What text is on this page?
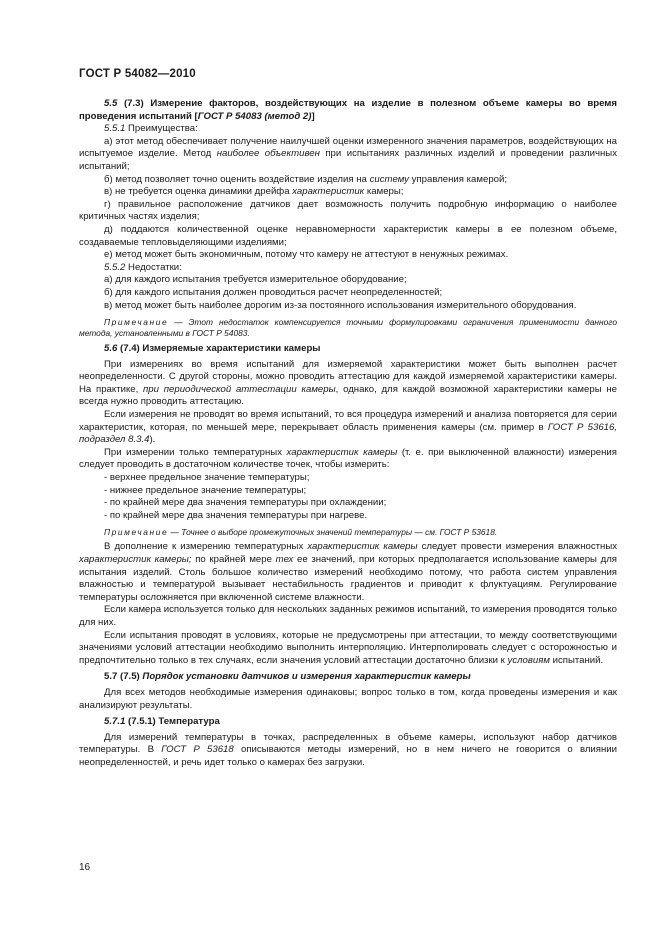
ГОСТ Р 54082—2010

5.5 (7.3) Измерение факторов, воздействующих на изделие в полезном объеме камеры во время проведения испытаний [ГОСТ Р 54083 (метод 2)]

5.5.1 Преимущества:

а) этот метод обеспечивает получение наилучшей оценки измеренного значения параметров, воздействующих на испытуемое изделие. Метод наиболее объективен при испытаниях различных изделий и проведении различных испытаний;

б) метод позволяет точно оценить воздействие изделия на систему управления камерой;

в) не требуется оценка динамики дрейфа характеристик камеры;

г) правильное расположение датчиков дает возможность получить подробную информацию о наиболее критичных частях изделия;

д) поддаются количественной оценке неравномерности характеристик камеры в ее полезном объеме, создаваемые тепловыделяющими изделиями;

е) метод может быть экономичным, потому что камеру не аттестуют в ненужных режимах.

5.5.2 Недостатки:

а) для каждого испытания требуется измерительное оборудование;

б) для каждого испытания должен проводиться расчет неопределенностей;

в) метод может быть наиболее дорогим из-за постоянного использования измерительного оборудования.

Примечание — Этот недостаток компенсируется точными формулировками ограничения применимости данного метода, установленными в ГОСТ Р 54083.

5.6 (7.4) Измеряемые характеристики камеры

При измерениях во время испытаний для измеряемой характеристики может быть выполнен расчет неопределенности. С другой стороны, можно проводить аттестацию для каждой измеряемой характеристики камеры. На практике, при периодической аттестации камеры, однако, для каждой возможной характеристики камеры не всегда нужно проводить аттестацию.

Если измерения не проводят во время испытаний, то вся процедура измерений и анализа повторяется для серии характеристик, которая, по меньшей мере, перекрывает область применения камеры (см. пример в ГОСТ Р 53616, подраздел 8.3.4).

При измерении только температурных характеристик камеры (т. е. при выключенной влажности) измерения следует проводить в достаточном количестве точек, чтобы измерить:

- верхнее предельное значение температуры;

- нижнее предельное значение температуры;

- по крайней мере два значения температуры при охлаждении;

- по крайней мере два значения температуры при нагреве.

Примечание — Точнее о выборе промежуточных значений температуры — см. ГОСТ Р 53618.

В дополнение к измерению температурных характеристик камеры следует провести измерения влажностных характеристик камеры; по крайней мере тех ее значений, при которых предполагается использование камеры для испытания изделий. Столь большое количество измерений необходимо потому, что работа систем управления влажностью и температурой вызывает нестабильность градиентов и приводит к флуктуациям. Регулирование температуры осложняется при включенной системе влажности.

Если камера используется только для нескольких заданных режимов испытаний, то измерения проводятся только для них.

Если испытания проводят в условиях, которые не предусмотрены при аттестации, то между соответствующими значениями условий аттестации необходимо выполнить интерполяцию. Интерполировать следует с осторожностью и предпочтительно только в тех случаях, если значения условий аттестации достаточно близки к условиям испытаний.

5.7 (7.5) Порядок установки датчиков и измерения характеристик камеры

Для всех методов необходимые измерения одинаковы; вопрос только в том, когда проведены измерения и как анализируют результаты.

5.7.1 (7.5.1) Температура

Для измерений температуры в точках, распределенных в объеме камеры, используют набор датчиков температуры. В ГОСТ Р 53618 описываются методы измерений, но в нем ничего не говорится о влиянии неопределенностей, и речь идет только о камерах без загрузки.

16
